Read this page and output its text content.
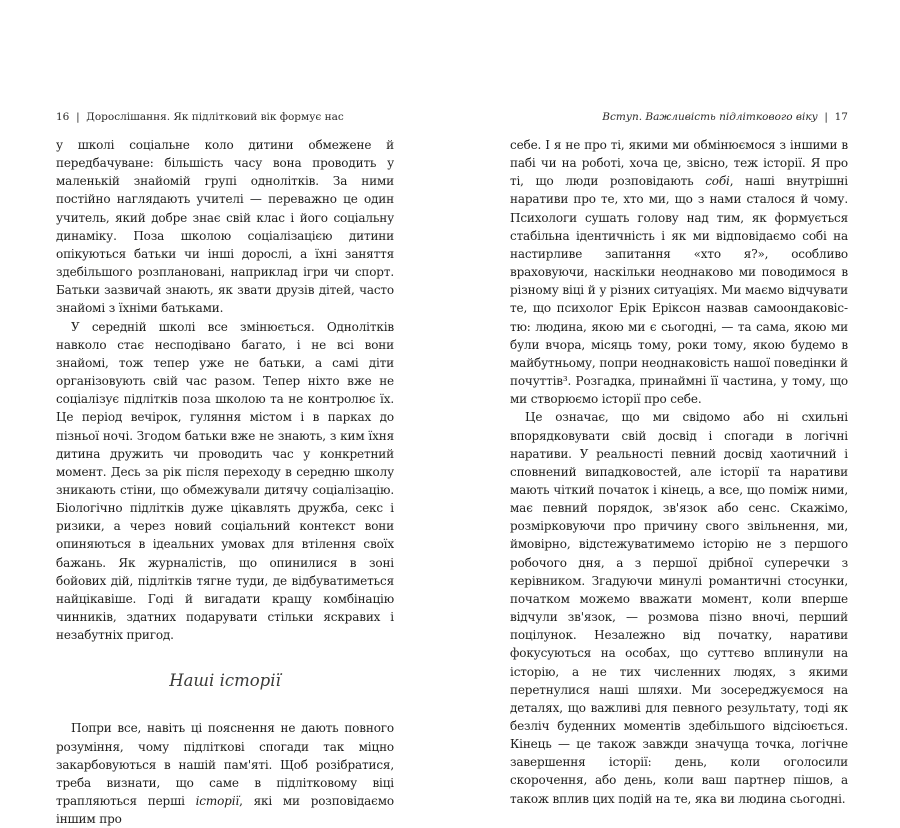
16 | Дорослішання. Як підлітковий вік формує нас

у школі соціальне коло дитини обмежене й передбачуване: більшість часу вона проводить у маленькій знайомій групі однолітків. За ними постійно наглядають учителі — переважно це один учитель, який добре знає свій клас і його соціальну динаміку. Поза школою соціалізацією дитини опікуються батьки чи інші дорослі, а їхні заняття здебільшого розплановані, наприклад ігри чи спорт. Батьки зазвичай знають, як звати друзів дітей, часто знайомі з їхніми батьками.

У середній школі все змінюється. Однолітків навколо стає несподівано багато, і не всі вони знайомі, тож тепер уже не батьки, а самі діти організовують свій час разом. Тепер ніхто вже не соціалізує підлітків поза школою та не контролює їх. Це період вечірок, гуляння містом і в парках до пізньої ночі. Згодом батьки вже не знають, з ким їхня дитина дружить чи проводить час у конкретний момент. Десь за рік після переходу в середню школу зникають стіни, що обмежували дитячу соціалізацію. Біологічно підлітків дуже цікавлять дружба, секс і ризики, а через новий соціальний контекст вони опиняються в ідеальних умовах для втілення своїх бажань. Як журналістів, що опинилися в зоні бойових дій, підлітків тягне туди, де відбуватиметься найцікавіше. Годі й вигадати кращу комбінацію чинників, здатних подарувати стільки яскравих і незабутніх пригод.

Наші історії

Попри все, навіть ці пояснення не дають повного розуміння, чому підліткові спогади так міцно закарбовуються в нашій пам'яті. Щоб розібратися, треба визнати, що саме в підлітковому віці трапляються перші історії, які ми розповідаємо іншим про

Вступ. Важливість підліткового віку | 17

себе. І я не про ті, якими ми обмінюємося з іншими в пабі чи на роботі, хоча це, звісно, теж історії. Я про ті, що люди розповідають собі, наші внутрішні наративи про те, хто ми, що з нами сталося й чому. Психологи сушать голову над тим, як формується стабільна ідентичність і як ми відповідаємо собі на настирливе запитання «хто я?», особливо враховуючи, наскільки неоднаково ми поводимося в різному віці й у різних ситуаціях. Ми маємо відчувати те, що психолог Ерік Еріксон назвав самоондаковістю: людина, якою ми є сьогодні, — та сама, якою ми були вчора, місяць тому, роки тому, якою будемо в майбутньому, попри неоднаковість нашої поведінки й почуттів³. Розгадка, принаймні її частина, у тому, що ми створюємо історії про себе.

Це означає, що ми свідомо або ні схильні впорядковувати свій досвід і спогади в логічні наративи. У реальності певний досвід хаотичний і сповнений випадковостей, але історії та наративи мають чіткий початок і кінець, а все, що поміж ними, має певний порядок, зв'язок або сенс. Скажімо, розмірковуючи про причину свого звільнення, ми, ймовірно, відстежуватимемо історію не з першого робочого дня, а з першої дрібної суперечки з керівником. Згадуючи минулі романтичні стосунки, початком можемо вважати момент, коли вперше відчули зв'язок, — розмова пізно вночі, перший поцілунок. Незалежно від початку, наративи фокусуються на особах, що суттєво вплинули на історію, а не тих численних людях, з якими перетнулися наші шляхи. Ми зосереджуємося на деталях, що важливі для певного результату, тоді як безліч буденних моментів здебільшого відсіюється. Кінець — це також завжди значуща точка, логічне завершення історії: день, коли оголосили скорочення, або день, коли ваш партнер пішов, а також вплив цих подій на те, яка ви людина сьогодні.
